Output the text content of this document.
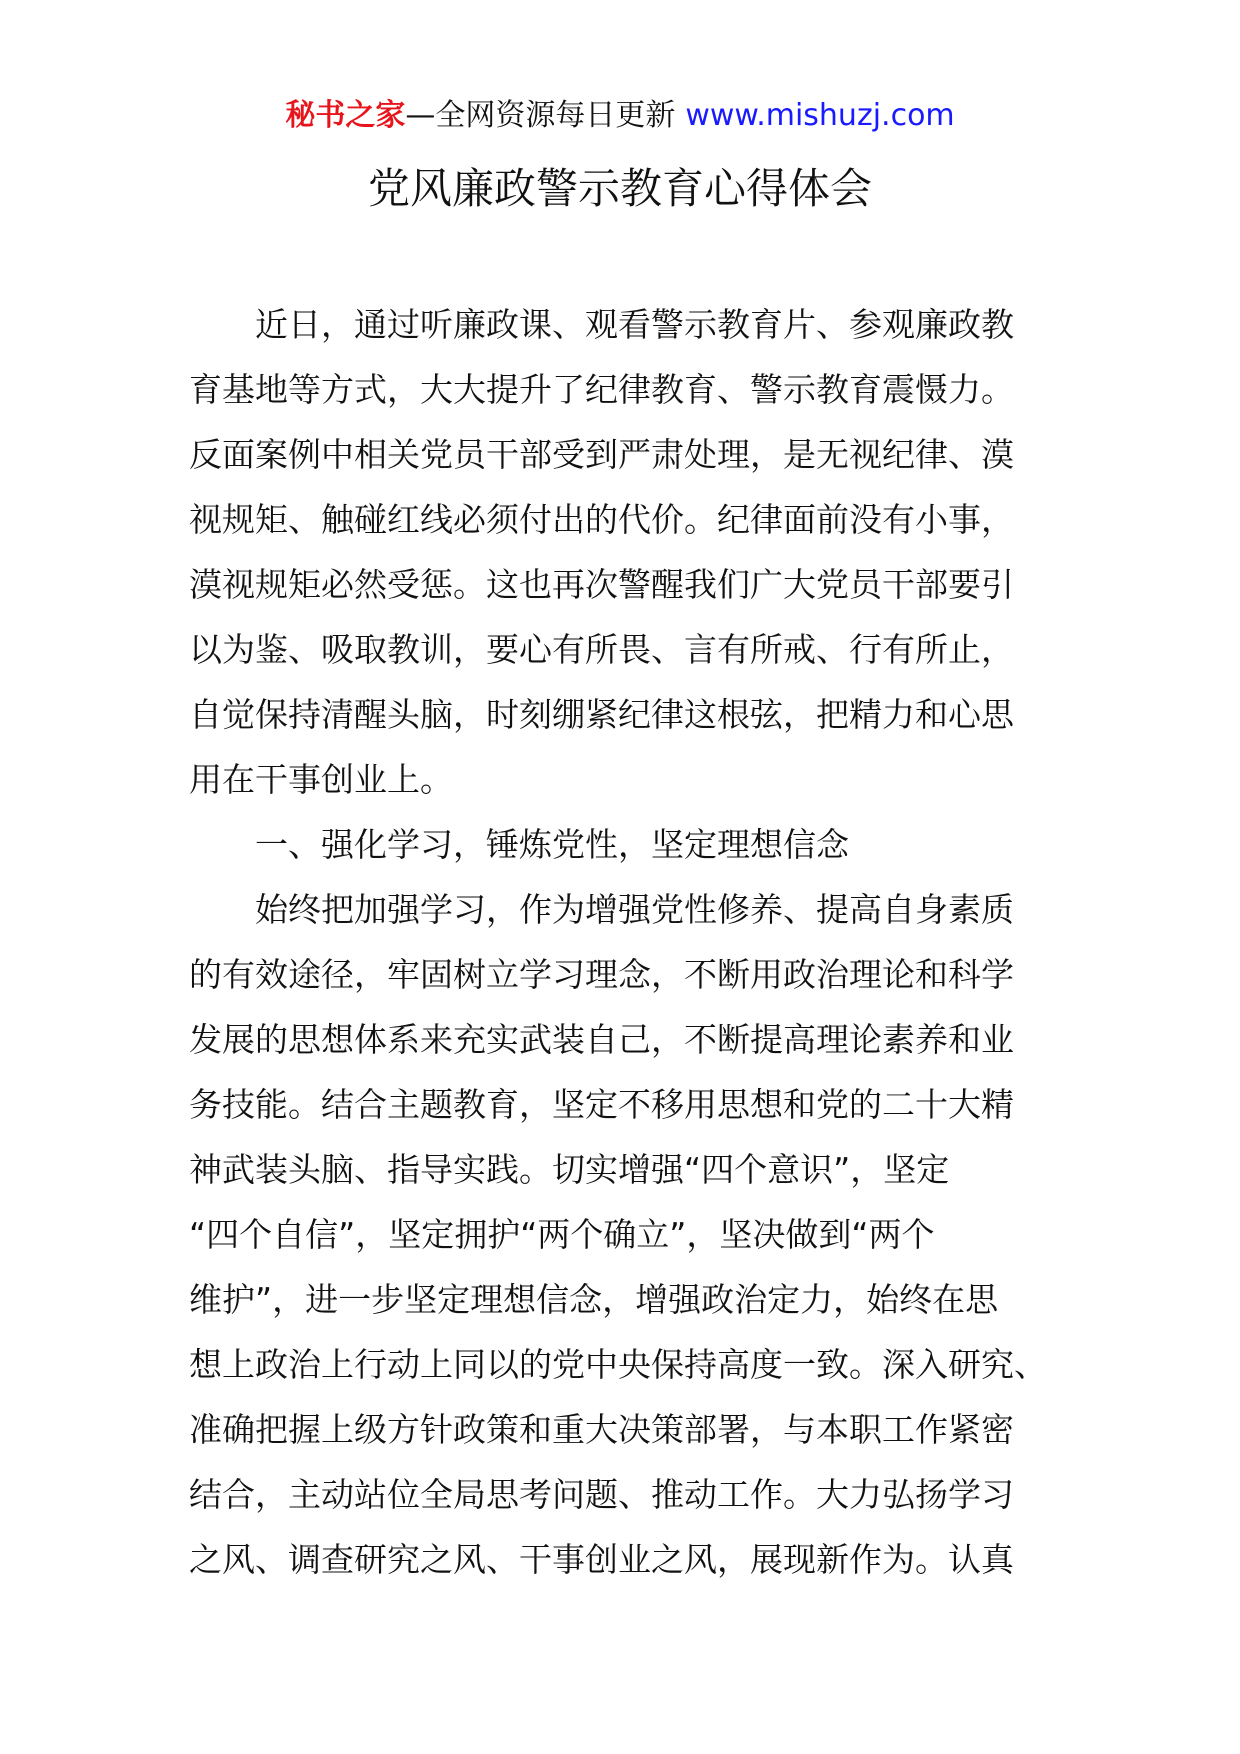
秘书之家—全网资源每日更新 www.mishuzj.com
党风廉政警示教育心得体会
近日，通过听廉政课、观看警示教育片、参观廉政教
育基地等方式，大大提升了纪律教育、警示教育震慑力。
反面案例中相关党员干部受到严肃处理，是无视纪律、漠
视规矩、触碰红线必须付出的代价。纪律面前没有小事，
漠视规矩必然受惩。这也再次警醒我们广大党员干部要引
以为鉴、吸取教训，要心有所畏、言有所戒、行有所止，
自觉保持清醒头脑，时刻绷紧纪律这根弦，把精力和心思
用在干事创业上。
一、强化学习，锤炼党性，坚定理想信念
始终把加强学习，作为增强党性修养、提高自身素质
的有效途径，牢固树立学习理念，不断用政治理论和科学
发展的思想体系来充实武装自己，不断提高理论素养和业
务技能。结合主题教育，坚定不移用思想和党的二十大精
神武装头脑、指导实践。切实增强“四个意识”，坚定
“四个自信”，坚定拥护“两个确立”，坚决做到“两个
维护”，进一步坚定理想信念，增强政治定力，始终在思
想上政治上行动上同以的党中央保持高度一致。深入研究、
准确把握上级方针政策和重大决策部署，与本职工作紧密
结合，主动站位全局思考问题、推动工作。大力弘扬学习
之风、调查研究之风、干事创业之风，展现新作为。认真
